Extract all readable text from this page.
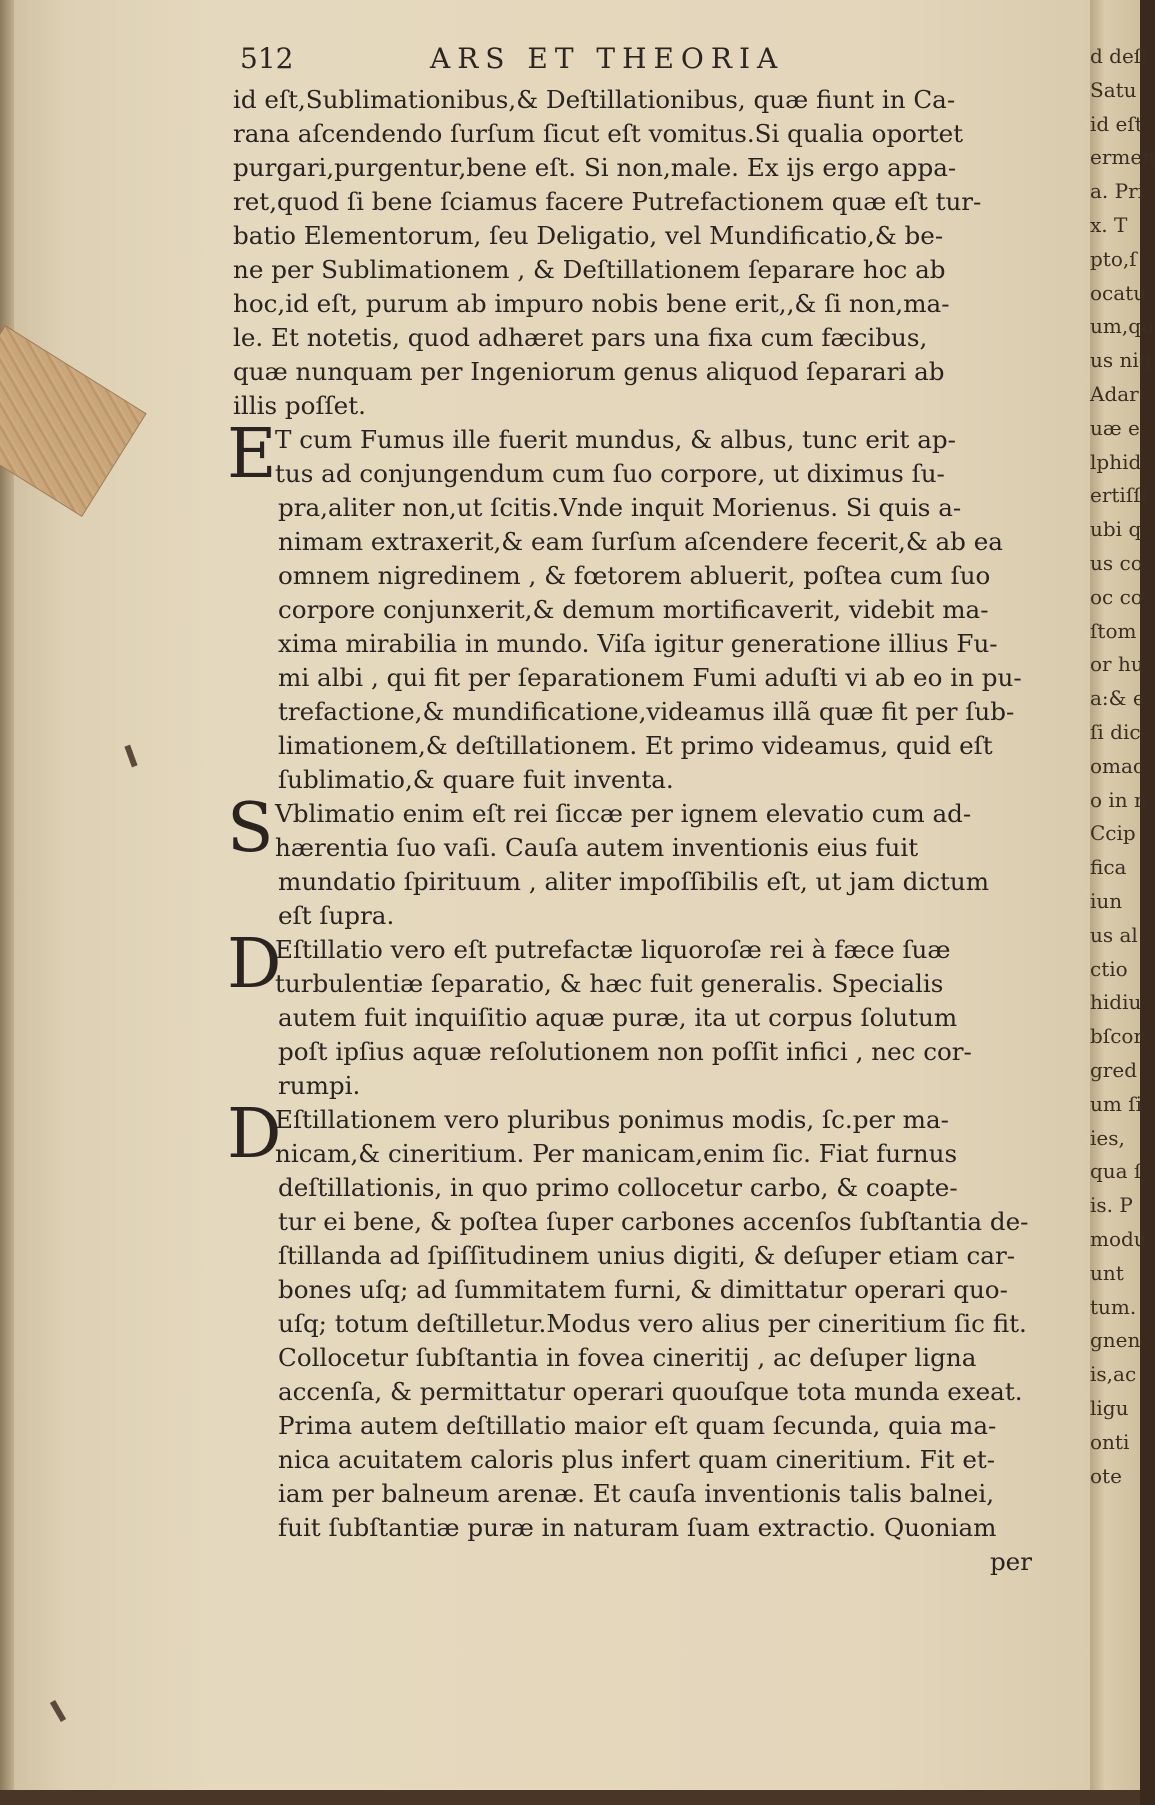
d deſt
Satu
id eſt
ermen
a. Pri
x. T
pto,ſ
ocatu
um,qu
us nig
Adar
uæ e
lphid
ertiſſi
ubi q
us co
oc co
ſtom
or hu
a:& e
ſi dic
omac
o in n
Ccip
fica
iun
us al
ctio
hidiu
bſcor
gred
um ſi
ies,
qua ſ
is. P
modu
unt
tum.
gnen
is,ac
ligu
onti
ote
512	ARS ET THEORIA
id eſt,Sublimationibus,& Deſtillationibus, quæ fiunt in Ca-
rana aſcendendo ſurſum ſicut eſt vomitus.Si qualia oportet
purgari,purgentur,bene eſt. Si non,male. Ex ijs ergo appa-
ret,quod ſi bene ſciamus facere Putrefactionem quæ eſt tur-
batio Elementorum, ſeu Deligatio, vel Mundificatio,& be-
ne per Sublimationem , & Deſtillationem ſeparare hoc ab
hoc,id eſt, purum ab impuro nobis bene erit,,& ſi non,ma-
le. Et notetis, quod adhæret pars una fixa cum fæcibus,
quæ nunquam per Ingeniorum genus aliquod ſeparari ab
illis poſſet.
E
T cum Fumus ille fuerit mundus, & albus, tunc erit ap-
tus ad conjungendum cum ſuo corpore, ut diximus ſu-
pra,aliter non,ut ſcitis.Vnde inquit Morienus. Si quis a-
nimam extraxerit,& eam ſurſum aſcendere fecerit,& ab ea
omnem nigredinem , & fœtorem abluerit, poſtea cum ſuo
corpore conjunxerit,& demum mortificaverit, videbit ma-
xima mirabilia in mundo. Viſa igitur generatione illius Fu-
mi albi , qui fit per ſeparationem Fumi aduſti vi ab eo in pu-
trefactione,& mundificatione,videamus illã quæ fit per ſub-
limationem,& deſtillationem. Et primo videamus, quid eſt
ſublimatio,& quare fuit inventa.
S Vblimatio enim eſt rei ſiccæ per ignem elevatio cum ad-
hærentia ſuo vaſi. Cauſa autem inventionis eius fuit
mundatio ſpirituum , aliter impoſſibilis eſt, ut jam dictum
eſt ſupra.
D
Eſtillatio vero eſt putrefactæ liquoroſæ rei à fæce ſuæ
turbulentiæ ſeparatio, & hæc fuit generalis. Specialis
autem fuit inquiſitio aquæ puræ, ita ut corpus ſolutum
poſt ipſius aquæ reſolutionem non poſſit infici , nec cor-
rumpi.
D
Eſtillationem vero pluribus ponimus modis, ſc.per ma-
nicam,& cineritium. Per manicam,enim ſic. Fiat furnus
deſtillationis, in quo primo collocetur carbo, & coapte-
tur ei bene, & poſtea ſuper carbones accenſos ſubſtantia de-
ſtillanda ad ſpiſſitudinem unius digiti, & deſuper etiam car-
bones uſq; ad ſummitatem furni, & dimittatur operari quo-
uſq; totum deſtilletur.Modus vero alius per cineritium ſic fit.
Collocetur ſubſtantia in fovea cineritij , ac deſuper ligna
accenſa, & permittatur operari quouſque tota munda exeat.
Prima autem deſtillatio maior eſt quam ſecunda, quia ma-
nica acuitatem caloris plus infert quam cineritium. Fit et-
iam per balneum arenæ. Et cauſa inventionis talis balnei,
fuit ſubſtantiæ puræ in naturam ſuam extractio. Quoniam
per
